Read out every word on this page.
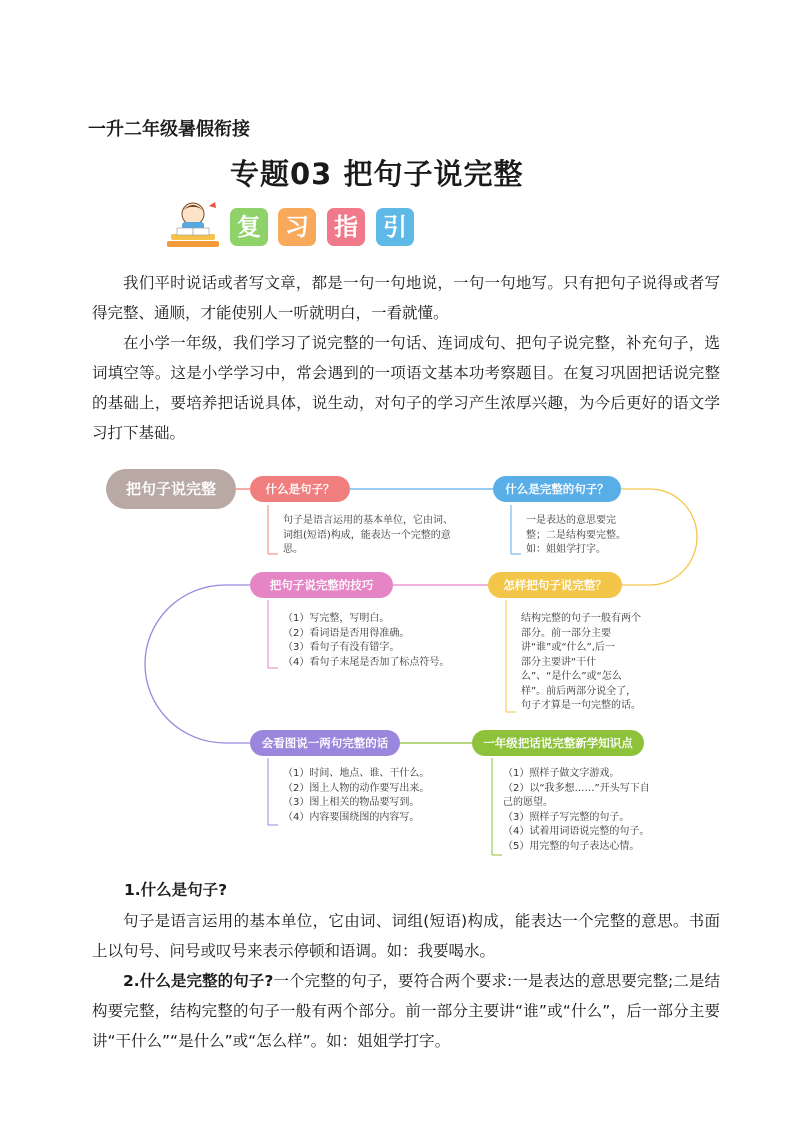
一升二年级暑假衔接
专题03 把句子说完整
复 习 指 引

我们平时说话或者写文章，都是一句一句地说，一句一句地写。只有把句子说得或者写得完整、通顺，才能使别人一听就明白，一看就懂。

在小学一年级，我们学习了说完整的一句话、连词成句、把句子说完整，补充句子，选词填空等。这是小学学习中，常会遇到的一项语文基本功考察题目。在复习巩固把话说完整的基础上，要培养把话说具体，说生动，对句子的学习产生浓厚兴趣，为今后更好的语文学习打下基础。

把句子说完整	什么是句子？	什么是完整的句子？
把句子说完整的技巧	怎样把句子说完整？
会看图说一两句完整的话	一年级把话说完整新学知识点
句子是语言运用的基本单位，它由词、
词组(短语)构成，能表达一个完整的意
思。
一是表达的意思要完
整；二是结构要完整。
如：姐姐学打字。
（1）写完整，写明白。
（2）看词语是否用得准确。
（3）看句子有没有错字。
（4）看句子末尾是否加了标点符号。
结构完整的句子一般有两个
部分。前一部分主要
讲“谁”或“什么”,后一
部分主要讲“干什
么”、“是什么”或“怎么
样”。前后两部分说全了，
句子才算是一句完整的话。
（1）时间、地点、谁、干什么。
（2）图上人物的动作要写出来。
（3）图上相关的物品要写到。
（4）内容要围绕图的内容写。
（1）照样子做文字游戏。
（2）以“我多想……”开头写下自
己的愿望。
（3）照样子写完整的句子。
（4）试着用词语说完整的句子。
（5）用完整的句子表达心情。
1.什么是句子?

句子是语言运用的基本单位，它由词、词组(短语)构成，能表达一个完整的意思。书面上以句号、问号或叹号来表示停顿和语调。如：我要喝水。

2.什么是完整的句子?一个完整的句子，要符合两个要求:一是表达的意思要完整;二是结构要完整，结构完整的句子一般有两个部分。前一部分主要讲“谁”或“什么”，后一部分主要讲“干什么”“是什么”或“怎么样”。如：姐姐学打字。
